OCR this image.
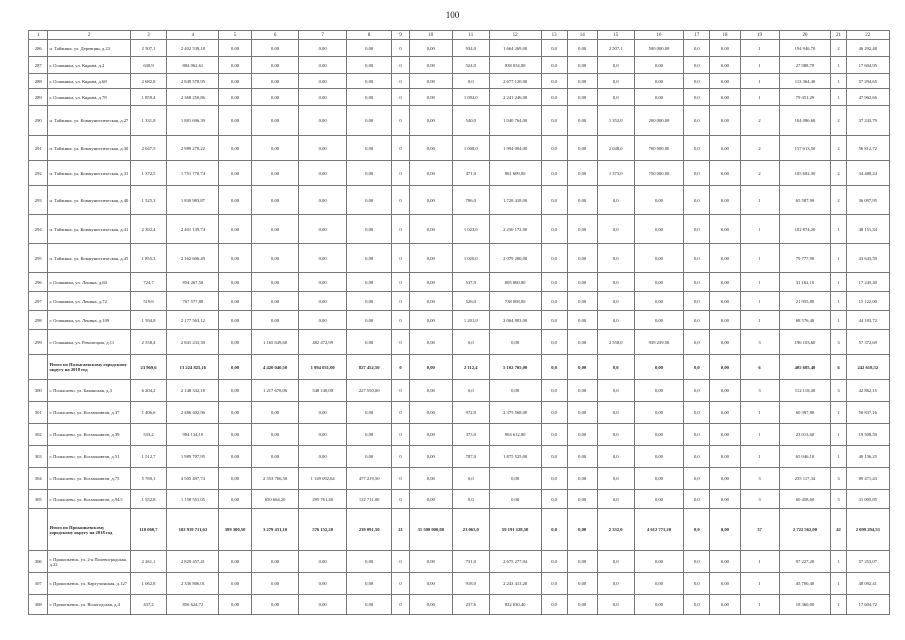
100
1	2	3	4	5	6	7	8	9	10	11	12	13	14	15	16	17	18	19	20	21	22
286	п. Тайжина, ул. Деревцин, д.23	2 507,1	2 402 539,18	0,00	0,00	0,00	0,00	0	0,00	934,0	1 664 269,00	0,0	0,00	2 507,1	500 000,00	0,0	0,00	1	194 946,70	2	46 292,48
287	г. Осинники, ул. Кирова, д.2	630,9	884 062,61	0,00	0,00	0,00	0,00	0	0,00	524,0	838 034,00	0,0	0,00	0,0	0,00	0,0	0,00	1	27 088,70	1	17 604,95
288	г. Осинники, ул. Кирова, д.68	2 682,8	2 849 578,95	0,00	0,00	0,00	0,00	0	0,00	0,0	2 677 120,00	0,0	0,00	0,0	0,00	0,0	0,00	1	113 364,40	1	57 294,65
289	г. Осинники, ул. Кирова, д.78	1 859,4	2 368 250,86	0,00	0,00	0,00	0,00	0	0,00	1 092,0	2 241 246,00	0,0	0,00	0,0	0,00	0,0	0,00	1	79 451,29	1	47 962,66
290	п. Тайжина, ул. Коммунистическая, д.27	1 331,8	1 881 696,39	0,00	0,00	0,00	0,00	0	0,00	540,0	1 040 764,00	0,0	0,00	1 352,0	200 000,00	0,0	0,00	2	104 086,60	2	37 243,79
291	п. Тайжина, ул. Коммунистическая, д.30	2 047,5	2 989 270,22	0,00	0,00	0,00	0,00	0	0,00	1 008,0	1 994 094,00	0,0	0,00	2 048,0	700 000,00	0,0	0,00	2	157 613,50	2	56 812,72
292	п. Тайжина, ул. Коммунистическая, д.31	1 372,5	1 751 770,74	0,00	0,00	0,00	0,00	0	0,00	471,0	861 609,00	0,0	0,00	1 373,0	750 000,00	0,0	0,00	2	105 682,30	2	34 488,24
293	п. Тайжина, ул. Коммунистическая, д.40	1 525,3	1 830 983,87	0,00	0,00	0,00	0,00	0	0,00	786,0	1 728 418,00	0,0	0,00	0,0	0,00	0,0	0,00	1	65 587,90	2	36 097,95
294	п. Тайжина, ул. Коммунистическая, д.41	2 392,4	2 401 139,74	0,00	0,00	0,00	0,00	0	0,00	1 023,0	2 250 172,00	0,0	0,00	0,0	0,00	0,0	0,00	1	102 874,20	1	48 151,34
295	п. Тайжина, ул. Коммунистическая, д.45	1 855,3	2 162 606,49	0,00	0,00	0,00	0,00	0	0,00	1 020,0	2 079 280,00	0,0	0,00	0,0	0,00	0,0	0,00	1	79 777,90	1	43 643,59
296	г. Осинники, ул. Ленина, д.60	724,7	854 267,50	0,00	0,00	0,00	0,00	0	0,00	537,0	805 860,00	0,0	0,00	0,0	0,00	0,0	0,00	1	31 162,10	1	17 245,40
297	г. Осинники, ул. Ленина, д.72	519,6	767 577,80	0,00	0,00	0,00	0,00	0	0,00	526,0	738 008,00	0,0	0,00	0,0	0,00	0,0	0,00	1	21 955,80	1	15 122,00
298	г. Осинники, ул. Ленина, д.109	1 594,8	2 177 563,12	0,00	0,00	0,00	0,00	0	0,00	1 201,0	2 064 803,00	0,0	0,00	0,0	0,00	0,0	0,00	1	68 576,40	1	44 183,72
299	г. Осинники, ул. Революции, д.11	2 558,4	2 841 233,39	0,00	1 165 649,60	482 472,99	0,00	0	0,00	0,0	0,00	0,0	0,00	2 558,0	939 239,50	0,0	0,00	3	196 103,60	3	57 372,69
	Итого по Полысаевскому городскому округу на 2018 год	23 969,6	13 224 825,16	0,00	4 420 040,50	1 994 031,00	827 452,50	0	0,00	2 112,4	5 102 705,00	0,0	0,00	0,0	0,00	0,0	0,00	6	405 685,40	6	242 618,52
300	г. Полысаево, ул. Бакинская, д.3	6 204,2	2 148 332,18	0,00	1 217 678,06	548 140,00	227 550,00	0	0,00	0,0	0,00	0,0	0,00	0,0	0,00	0,0	0,00	3	112 118,40	3	42 862,15
301	г. Полысаево, ул. Космонавтов, д.37	1 406,6	2 486 402,96	0,00	0,00	0,00	0,00	0	0,00	972,0	2 375 568,00	0,0	0,00	0,0	0,00	0,0	0,00	1	60 397,80	1	50 837,16
302	г. Полысаево, ул. Космонавтов, д.39	533,2	994 134,10	0,00	0,00	0,00	0,00	0	0,00	375,0	963 612,00	0,0	0,00	0,0	0,00	0,0	0,00	1	23 013,60	1	19 508,50
303	г. Полысаево, ул. Космонавтов, д.51	1 512,7	1 989 707,95	0,00	0,00	0,00	0,00	0	0,00	787,0	1 875 525,00	0,0	0,00	0,0	0,00	0,0	0,00	1	65 046,10	1	40 136,25
304	г. Полысаево, ул. Космонавтов, д.75	5 769,1	4 505 497,74	0,00	2 553 706,50	1 149 092,64	477 219,50	0	0,00	0,0	0,00	0,0	0,00	0,0	0,00	0,0	0,00	3	255 117,34	3	89 471,43
305	г. Полысаево, ул. Космонавтов, д.94/1	1 552,8	1 158 551,05	0,00	650 664,20	295 761,40	122 711,00	0	0,00	0,0	0,00	0,0	0,00	0,0	0,00	0,0	0,00	3	60 458,60	3	31 005,85
	Итого по Прокопьевскому городскому округу на 2018 год	110 060,7	102 919 711,62	399 300,50	3 279 431,10	576 152,20	239 091,50	21	31 500 000,00	23 063,0	59 191 128,50	0,0	0,00	2 332,0	4 612 771,20	0,0	0,00	37	2 722 562,00	42	2 099 294,53
306	г. Прокопьевск, ул. 2-я Полевоградская, д.22	2 261,1	2 829 457,41	0,00	0,00	0,00	0,00	0	0,00	731,0	2 675 277,04	0,0	0,00	0,0	0,00	0,0	0,00	1	97 227,20	1	57 253,07
307	г. Прокопьевск, ул. Каргучинская, д.127	1 062,8	2 336 806,01	0,00	0,00	0,00	0,00	0	0,00	918,0	2 243 413,20	0,0	0,00	0,0	0,00	0,0	0,00	1	45 700,40	1	48 092,41
308	г. Прокопьевск, ул. Вологодская, д.4	437,2	856 624,72	0,00	0,00	0,00	0,00	0	0,00	237,6	822 030,40	0,0	0,00	0,0	0,00	0,0	0,00	1	18 360,00	1	17 604,72
